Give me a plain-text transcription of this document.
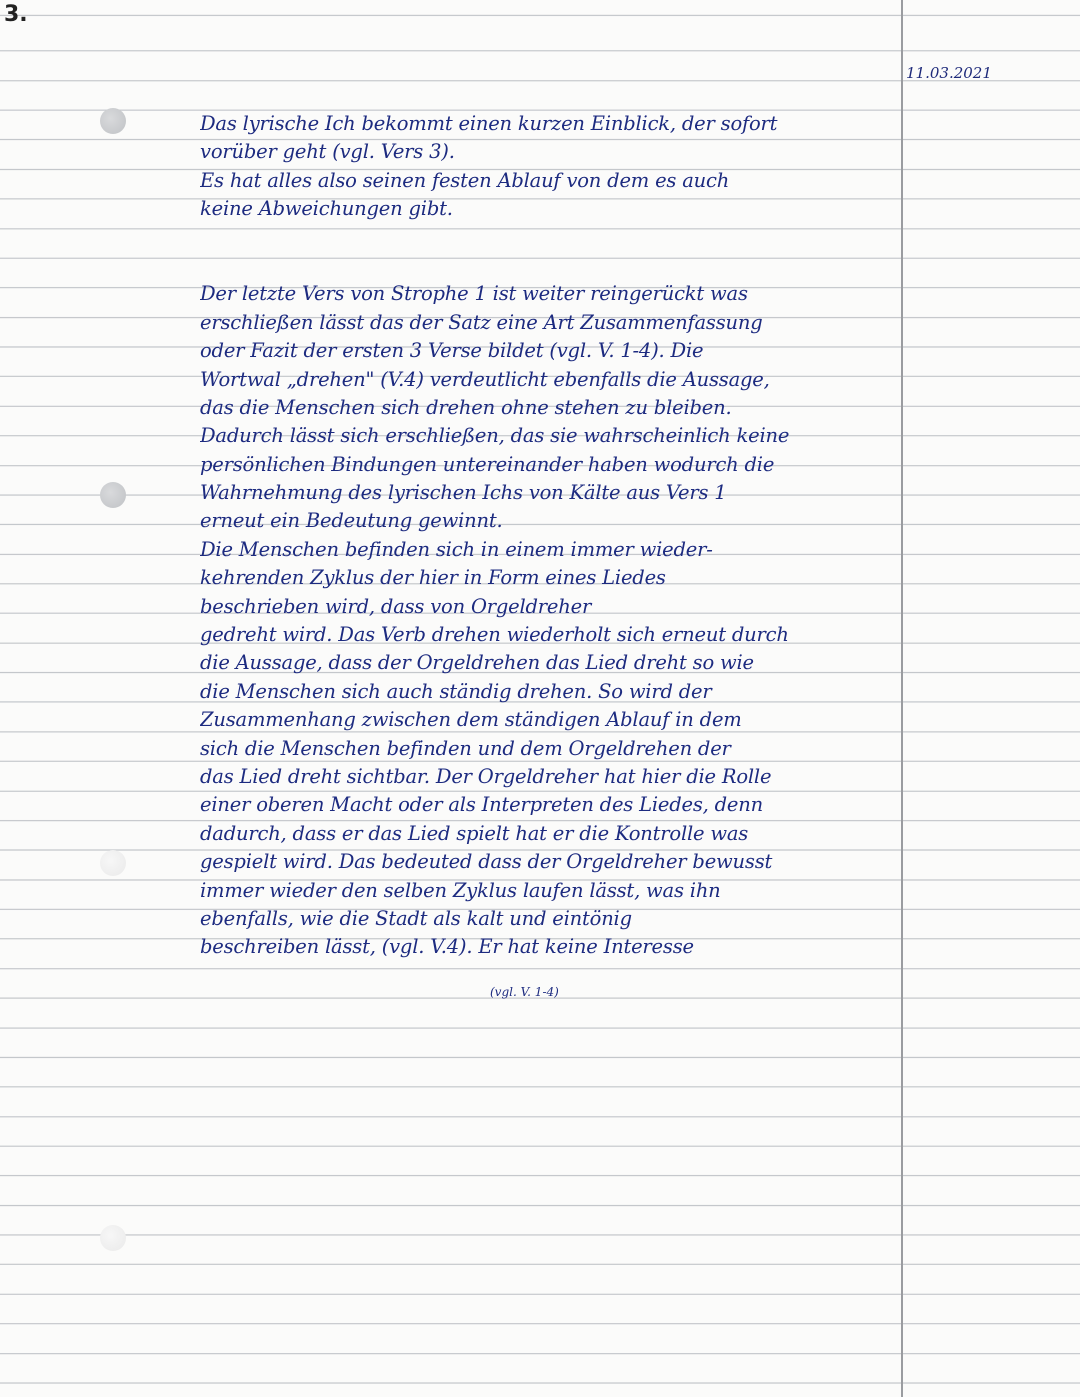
3.
11.03.2021
Das lyrische Ich bekommt einen kurzen Einblick, der sofort
vorüber geht (vgl. Vers 3).
Es hat alles also seinen festen Ablauf von dem es auch
keine Abweichungen gibt.
Der letzte Vers von Strophe 1 ist weiter reingerückt was
erschließen lässt das der Satz eine Art Zusammenfassung
oder Fazit der ersten 3 Verse bildet (vgl. V. 1-4). Die
Wortwal „drehen" (V.4) verdeutlicht ebenfalls die Aussage,
das die Menschen sich drehen ohne stehen zu bleiben.
Dadurch lässt sich erschließen, das sie wahrscheinlich keine
persönlichen Bindungen untereinander haben wodurch die
Wahrnehmung des lyrischen Ichs von Kälte aus Vers 1
erneut ein Bedeutung gewinnt.
Die Menschen befinden sich in einem immer wieder-
kehrenden Zyklus der hier in Form eines Liedes
beschrieben wird, dass von Orgeldreher
gedreht wird. Das Verb drehen wiederholt sich erneut durch
die Aussage, dass der Orgeldrehen das Lied dreht so wie
die Menschen sich auch ständig drehen. So wird der
Zusammenhang zwischen dem ständigen Ablauf in dem
sich die Menschen befinden und dem Orgeldrehen der
das Lied dreht sichtbar. Der Orgeldreher hat hier die Rolle
einer oberen Macht oder als Interpreten des Liedes, denn
dadurch, dass er das Lied spielt hat er die Kontrolle was
gespielt wird. Das bedeuted dass der Orgeldreher bewusst
immer wieder den selben Zyklus laufen lässt, was ihn
ebenfalls, wie die Stadt als kalt und eintönig
beschreiben lässt, (vgl. V.4). Er hat keine Interesse
(vgl. V. 1-4)
